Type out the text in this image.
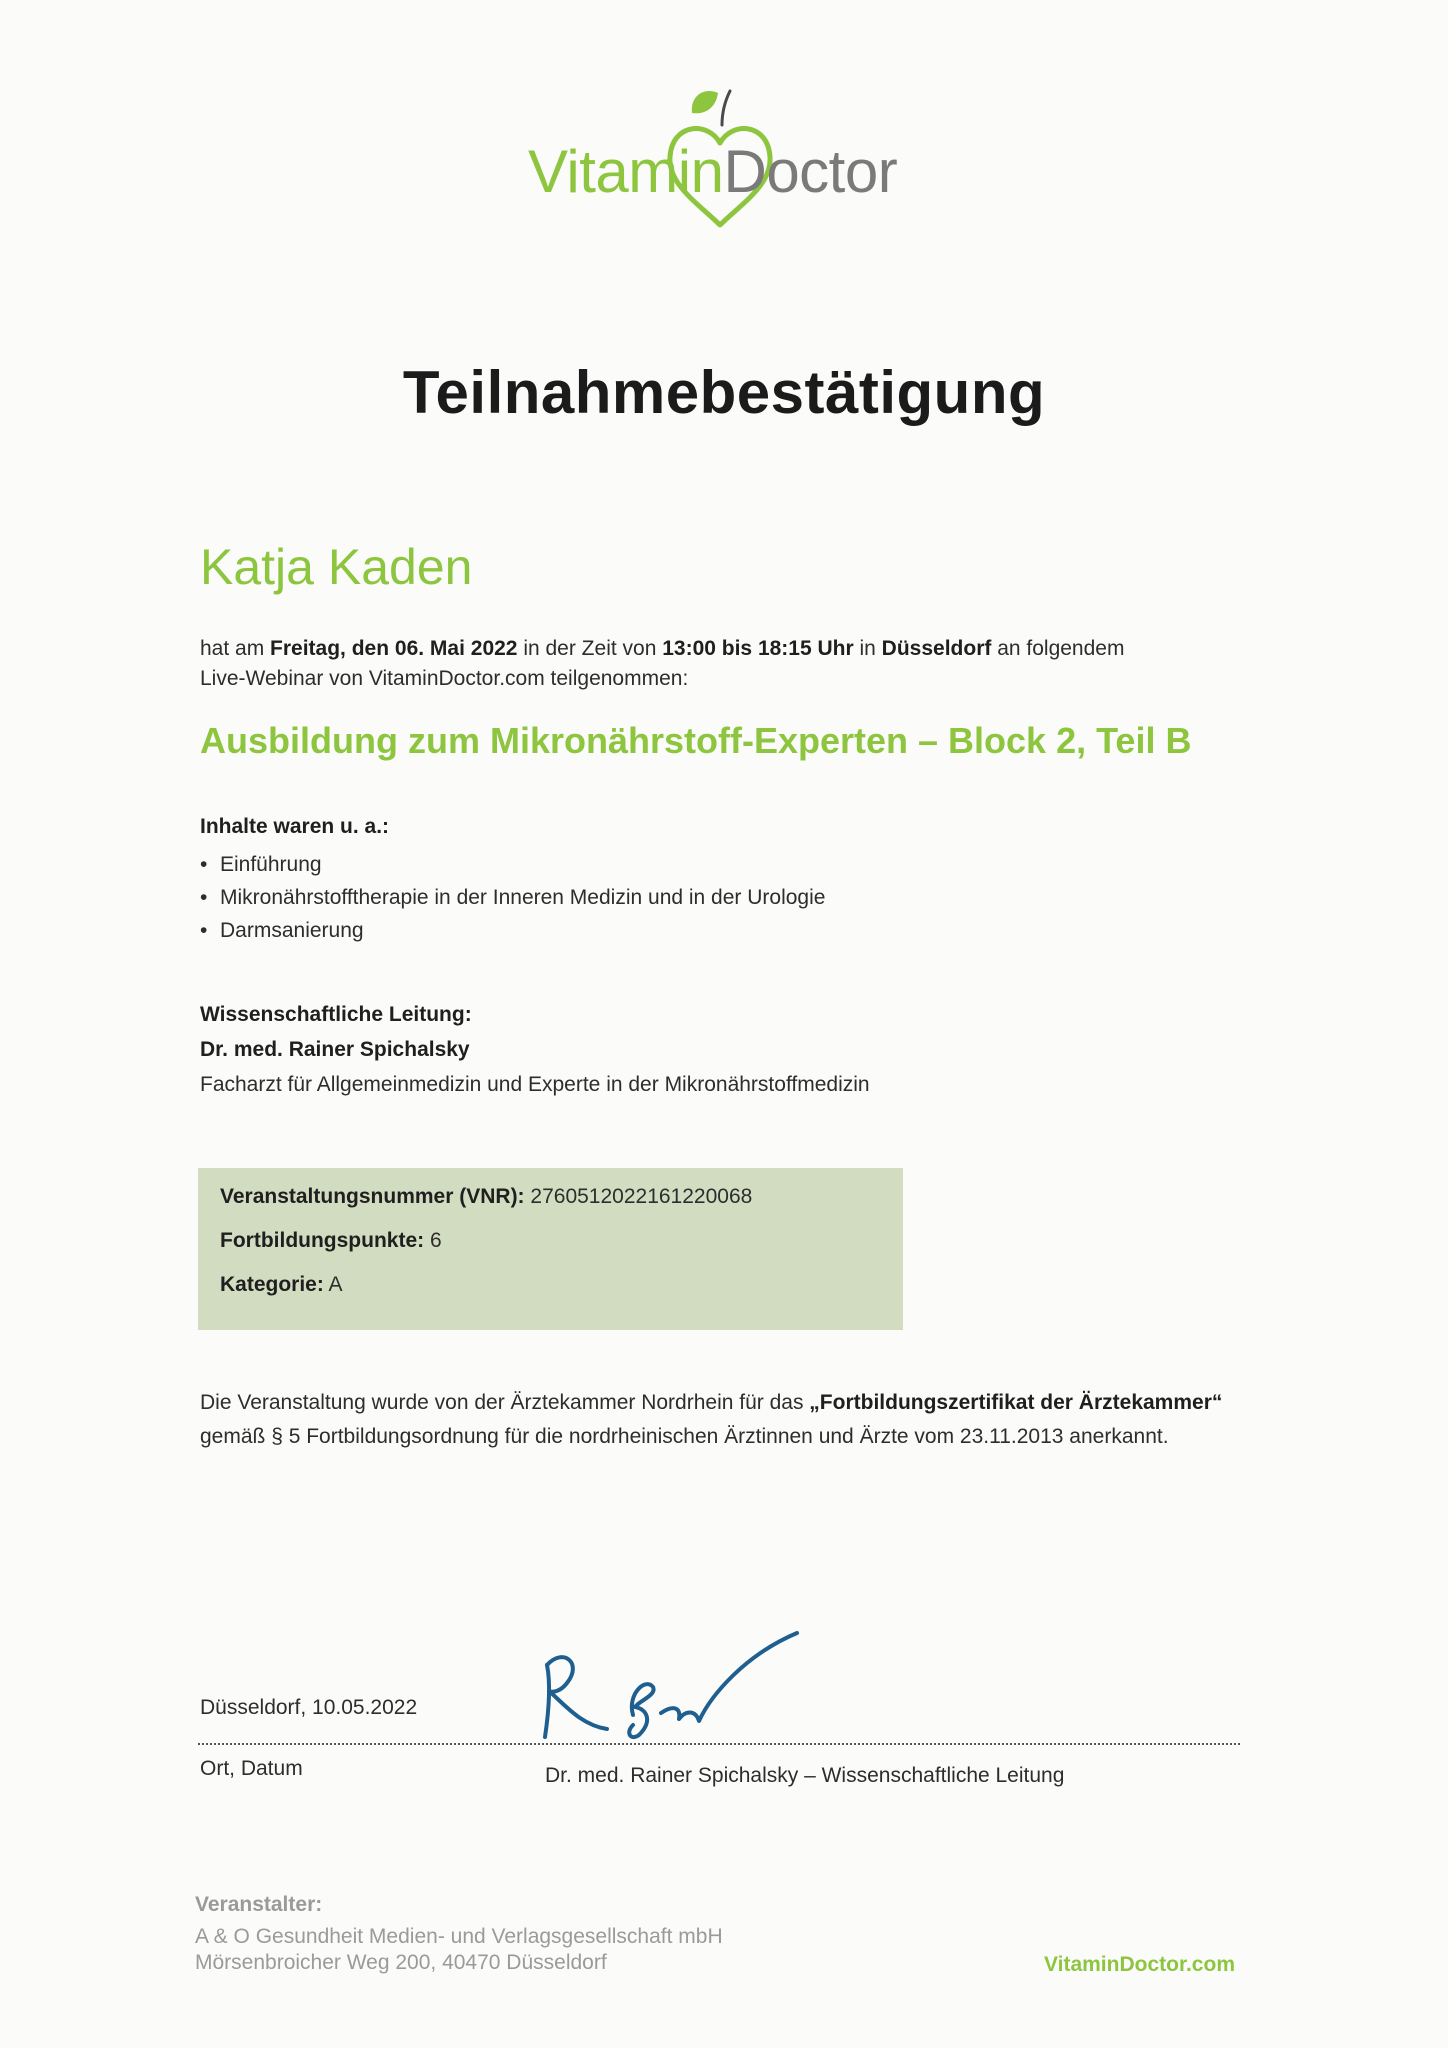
VitaminDoctor
Teilnahmebestätigung
Katja Kaden
hat am Freitag, den 06. Mai 2022 in der Zeit von 13:00 bis 18:15 Uhr in Düsseldorf an folgendem
Live-Webinar von VitaminDoctor.com teilgenommen:
Ausbildung zum Mikronährstoff-Experten – Block 2, Teil B
Inhalte waren u. a.:
• Einführung
• Mikronährstofftherapie in der Inneren Medizin und in der Urologie
• Darmsanierung
Wissenschaftliche Leitung:
Dr. med. Rainer Spichalsky
Facharzt für Allgemeinmedizin und Experte in der Mikronährstoffmedizin
Veranstaltungsnummer (VNR): 2760512022161220068
Fortbildungspunkte: 6
Kategorie: A
Die Veranstaltung wurde von der Ärztekammer Nordrhein für das „Fortbildungszertifikat der Ärztekammer“
gemäß § 5 Fortbildungsordnung für die nordrheinischen Ärztinnen und Ärzte vom 23.11.2013 anerkannt.
Düsseldorf, 10.05.2022
Ort, Datum	Dr. med. Rainer Spichalsky – Wissenschaftliche Leitung
Veranstalter:
A & O Gesundheit Medien- und Verlagsgesellschaft mbH
Mörsenbroicher Weg 200, 40470 Düsseldorf	VitaminDoctor.com
